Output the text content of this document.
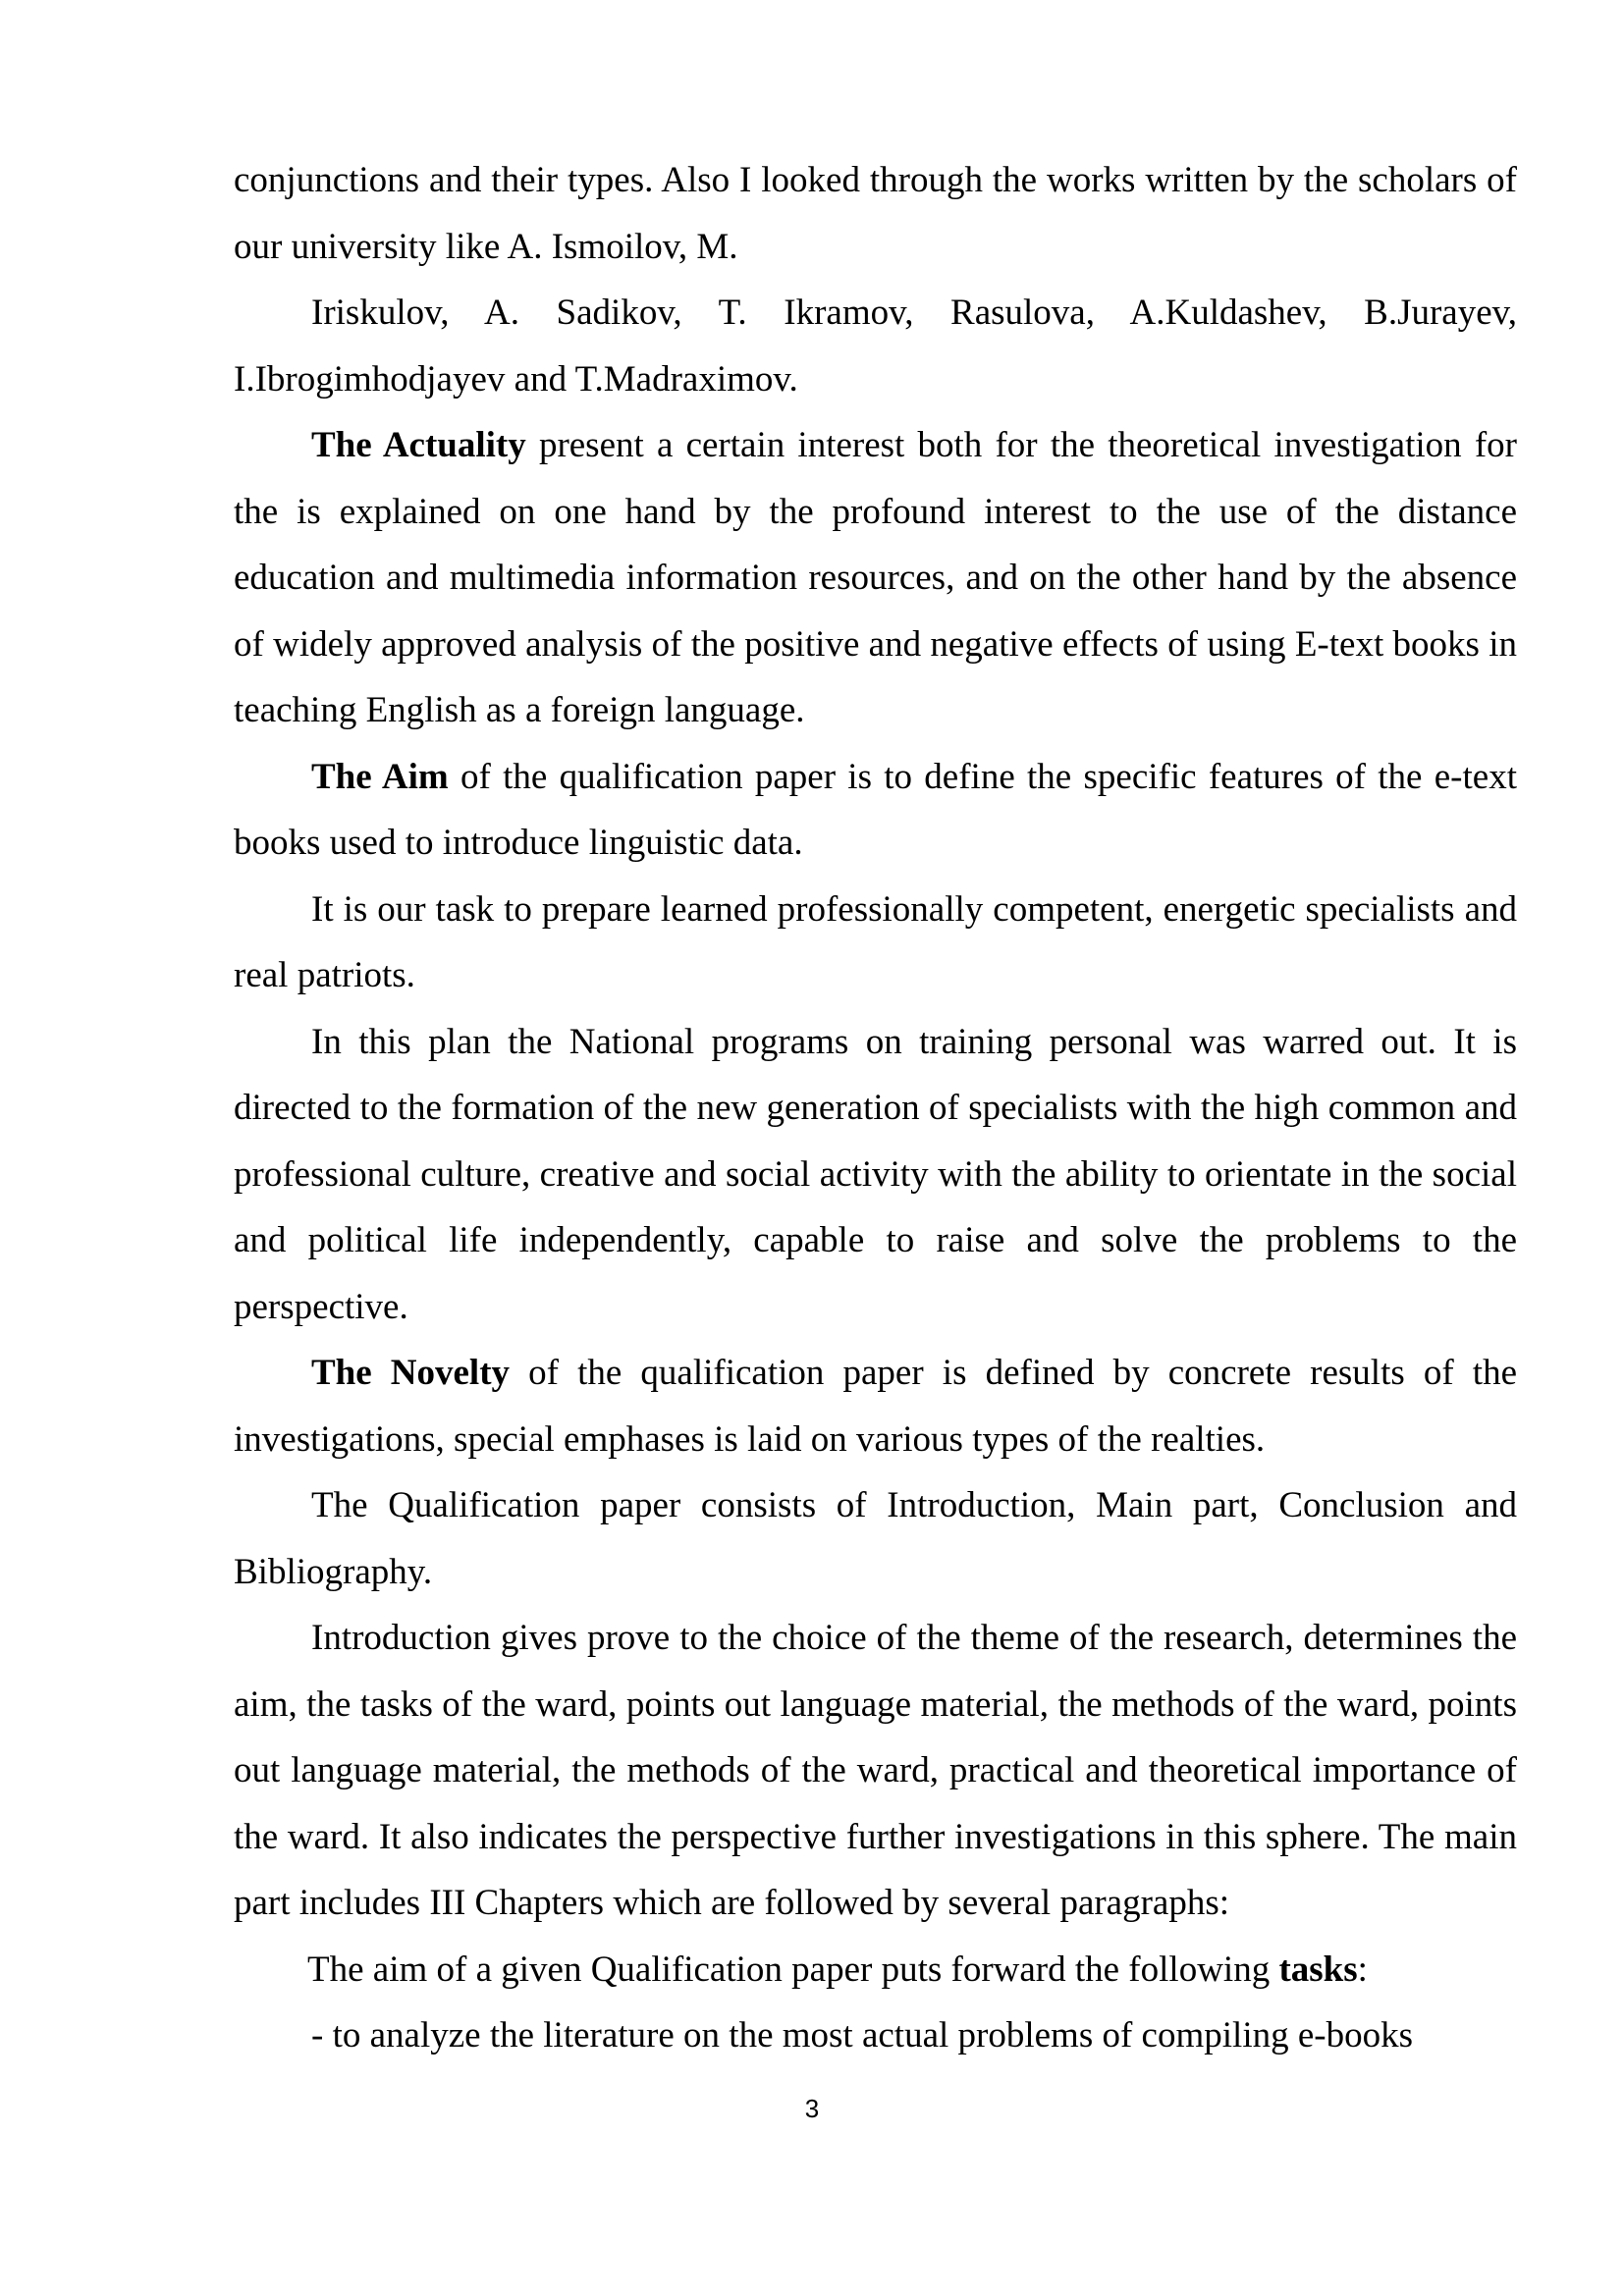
conjunctions and their types. Also I looked through the works written by the scholars of our university like A. Ismoilov, M.

Iriskulov, A. Sadikov, T. Ikramov, Rasulova, A.Kuldashev, B.Jurayev, I.Ibrogimhodjayev and T.Madraximov.

The Actuality present a certain interest both for the theoretical investigation for the is explained on one hand by the profound interest to the use of the distance education and multimedia information resources, and on the other hand by the absence of widely approved analysis of the positive and negative effects of using E-text books in teaching English as a foreign language.

The Aim of the qualification paper is to define the specific features of the e-text books used to introduce linguistic data.

It is our task to prepare learned professionally competent, energetic specialists and real patriots.

In this plan the National programs on training personal was warred out. It is directed to the formation of the new generation of specialists with the high common and professional culture, creative and social activity with the ability to orientate in the social and political life independently, capable to raise and solve the problems to the perspective.

The Novelty of the qualification paper is defined by concrete results of the investigations, special emphases is laid on various types of the realties.

The Qualification paper consists of Introduction, Main part, Conclusion and Bibliography.

Introduction gives prove to the choice of the theme of the research, determines the aim, the tasks of the ward, points out language material, the methods of the ward, points out language material, the methods of the ward, practical and theoretical importance of the ward. It also indicates the perspective further investigations in this sphere. The main part includes III Chapters which are followed by several paragraphs:

The aim of a given Qualification paper puts forward the following tasks:

- to analyze the literature on the most actual problems of compiling e-books

3
